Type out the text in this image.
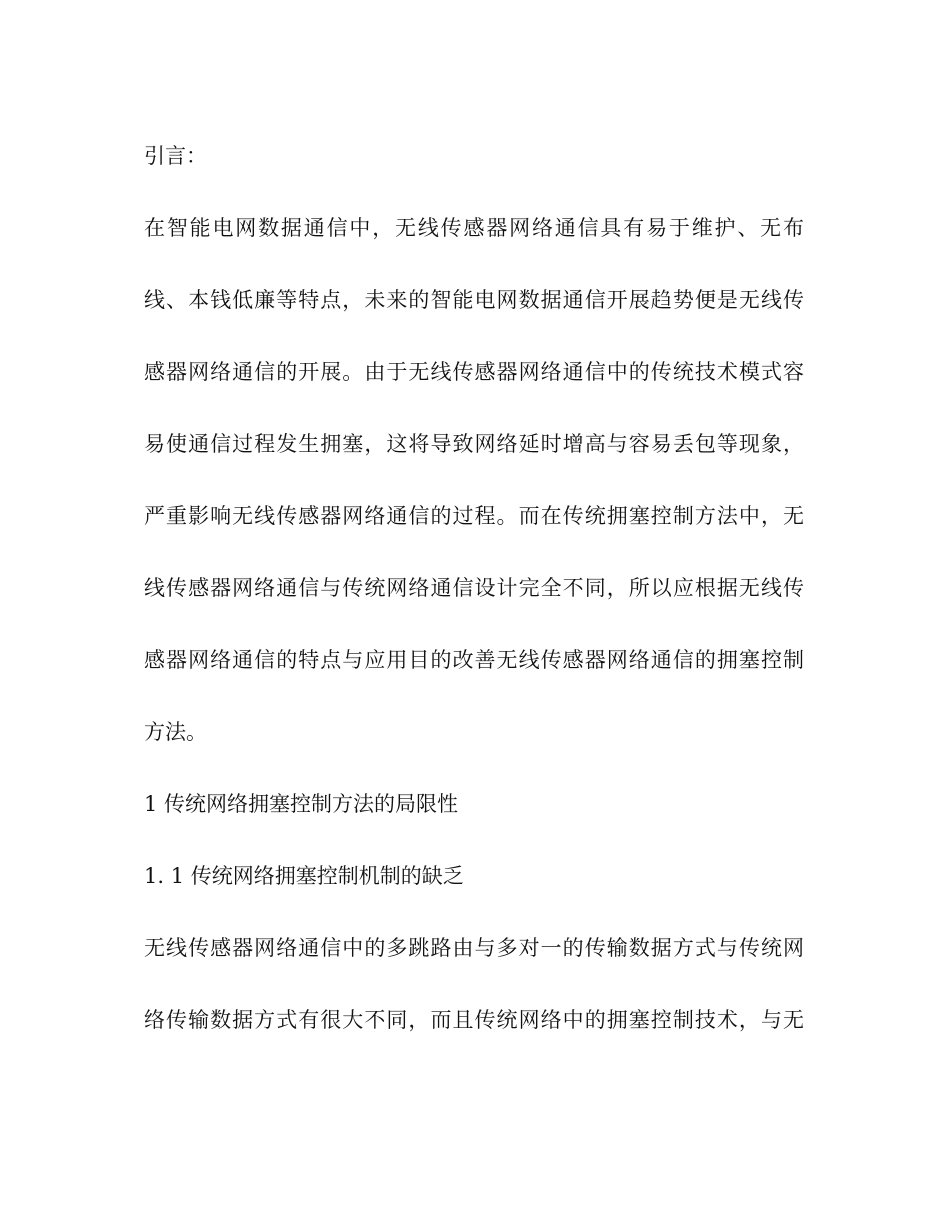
引言：
在智能电网数据通信中，无线传感器网络通信具有易于维护、无布
线、本钱低廉等特点，未来的智能电网数据通信开展趋势便是无线传
感器网络通信的开展。由于无线传感器网络通信中的传统技术模式容
易使通信过程发生拥塞，这将导致网络延时增高与容易丢包等现象，
严重影响无线传感器网络通信的过程。而在传统拥塞控制方法中，无
线传感器网络通信与传统网络通信设计完全不同，所以应根据无线传
感器网络通信的特点与应用目的改善无线传感器网络通信的拥塞控制
方法。
1 传统网络拥塞控制方法的局限性
1. 1 传统网络拥塞控制机制的缺乏
无线传感器网络通信中的多跳路由与多对一的传输数据方式与传统网
络传输数据方式有很大不同，而且传统网络中的拥塞控制技术，与无
